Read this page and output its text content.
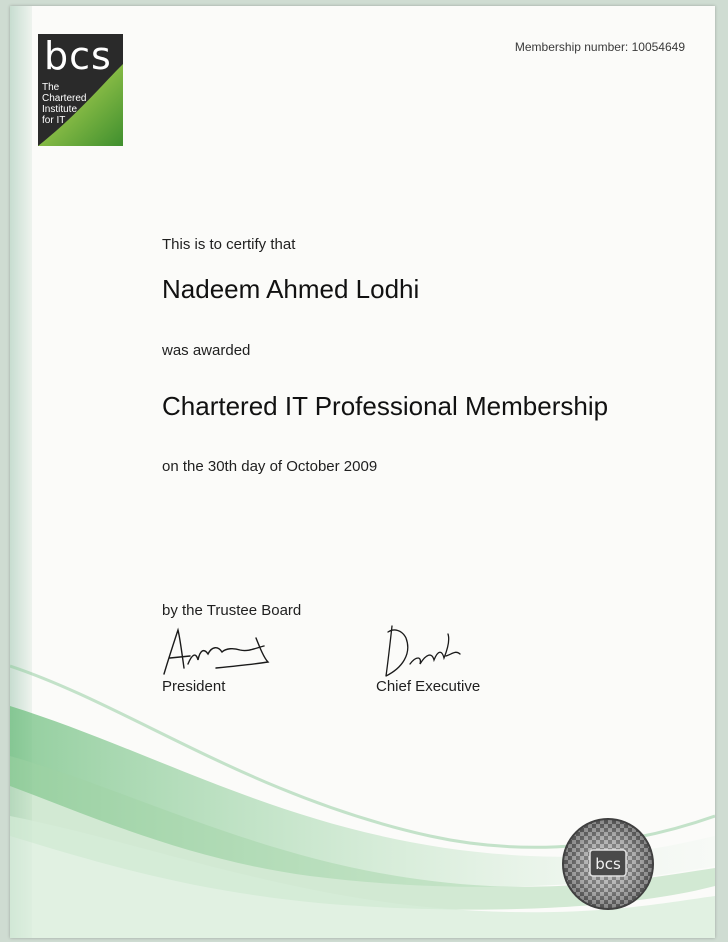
bcs
The
Chartered
Institute
for IT
Membership number: 10054649
This is to certify that
Nadeem Ahmed Lodhi
was awarded
Chartered IT Professional Membership
on the 30th day of October 2009
by the Trustee Board
President	Chief Executive
bcs
